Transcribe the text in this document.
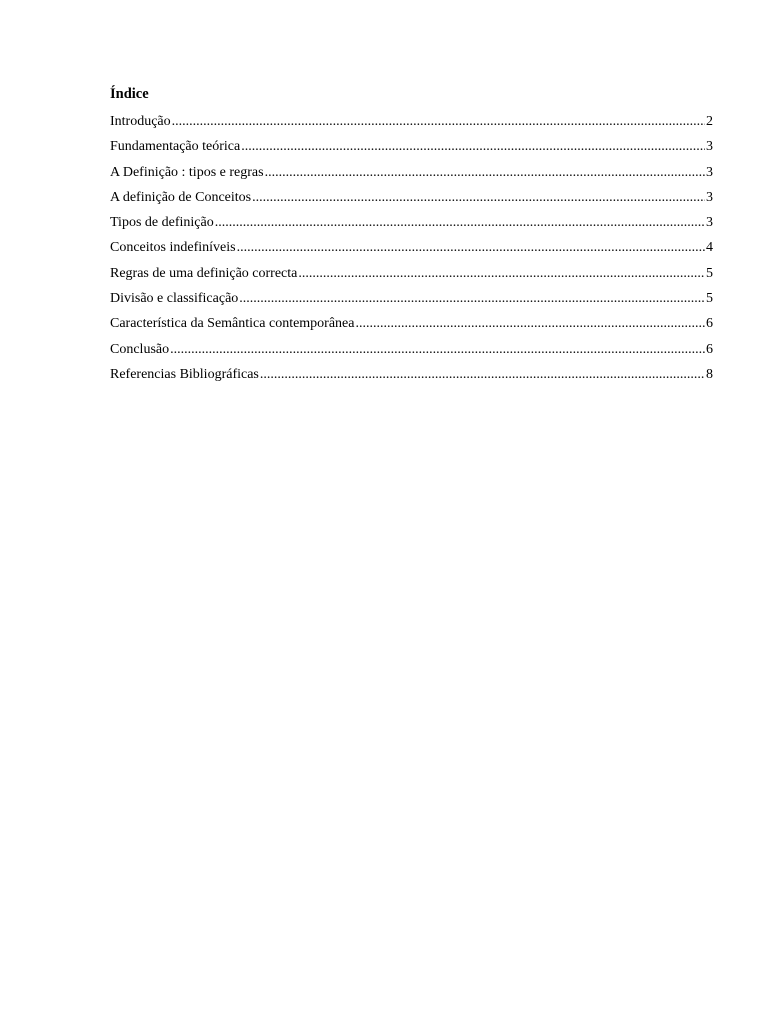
Índice
Introdução .....	2
Fundamentação teórica .....	3
A Definição : tipos e regras .....	3
A definição de Conceitos .....	3
Tipos de definição .....	3
Conceitos indefiníveis .....	4
Regras de uma definição correcta .....	5
Divisão e classificação .....	5
Característica da Semântica contemporânea .....	6
Conclusão .....	6
Referencias Bibliográficas .....	8
